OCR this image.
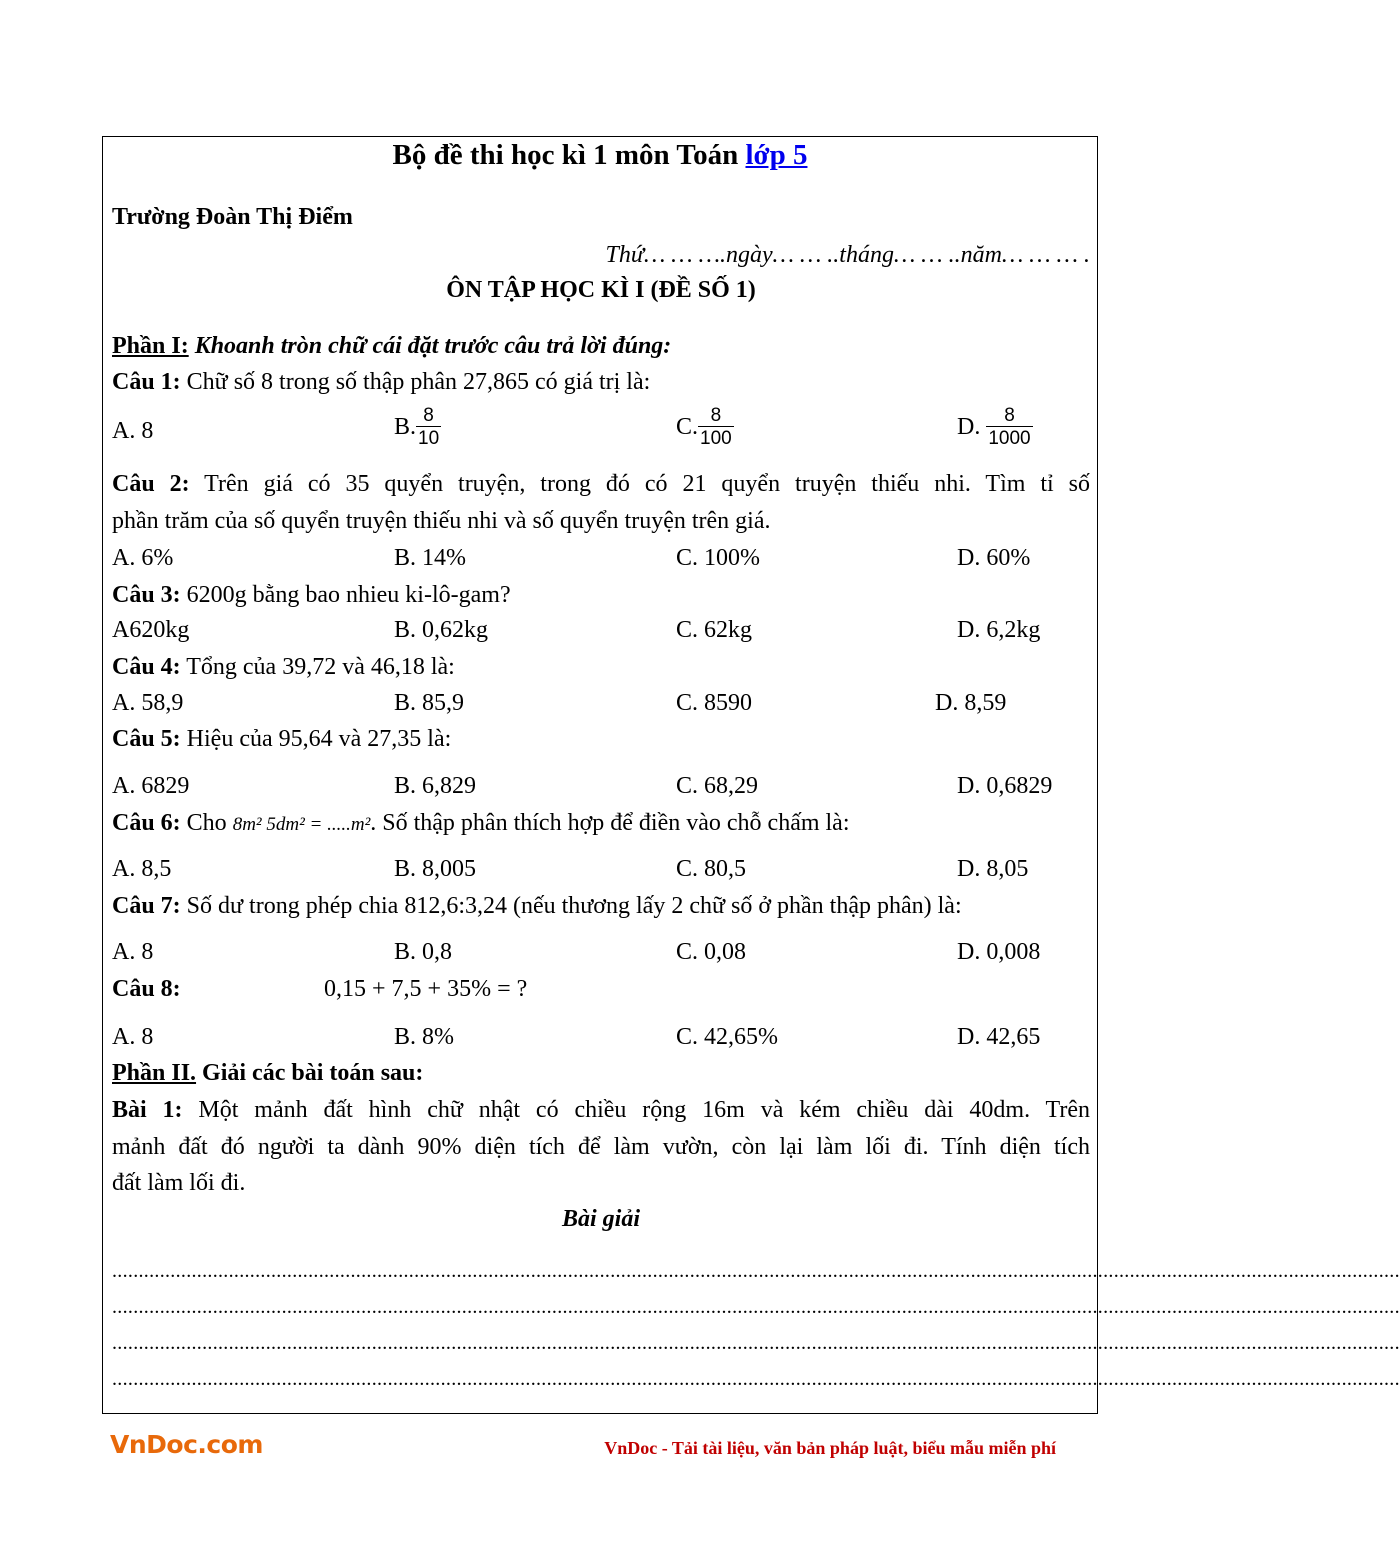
Bộ đề thi học kì 1 môn Toán lớp 5
Trường Đoàn Thị Điểm
Thứ… … ….ngày… … ..tháng… … ..năm… … … .
ÔN TẬP HỌC KÌ I (ĐỀ SỐ 1)
Phần I: Khoanh tròn chữ cái đặt trước câu trả lời đúng:
Câu 1: Chữ số 8 trong số thập phân 27,865 có giá trị là:
A. 8	B. $\frac{8}{10}$	C. $\frac{8}{100}$	D. $\frac{8}{1000}$
Câu 2: Trên giá có 35 quyển truyện, trong đó có 21 quyển truyện thiếu nhi. Tìm tỉ số
phần trăm của số quyển truyện thiếu nhi và số quyển truyện trên giá.
A. 6%	B. 14%	C. 100%	D. 60%
Câu 3: 6200g bằng bao nhieu ki-lô-gam?
A620kg	B. 0,62kg	C. 62kg	D. 6,2kg
Câu 4: Tổng của 39,72 và 46,18 là:
A. 58,9	B. 85,9	C. 8590	D. 8,59
Câu 5: Hiệu của 95,64 và 27,35 là:
A. 6829	B. 6,829	C. 68,29	D. 0,6829
Câu 6: Cho 8m² 5dm² = .....m². Số thập phân thích hợp để điền vào chỗ chấm là:
A. 8,5	B. 8,005	C. 80,5	D. 8,05
Câu 7: Số dư trong phép chia 812,6:3,24 (nếu thương lấy 2 chữ số ở phần thập phân) là:
A. 8	B. 0,8	C. 0,08	D. 0,008
Câu 8:	0,15 + 7,5 + 35% = ?
A. 8	B. 8%	C. 42,65%	D. 42,65
Phần II. Giải các bài toán sau:
Bài 1: Một mảnh đất hình chữ nhật có chiều rộng 16m và kém chiều dài 40dm. Trên
mảnh đất đó người ta dành 90% diện tích để làm vườn, còn lại làm lối đi. Tính diện tích
đất làm lối đi.
Bài giải
...................................................................................................................................................................................................................................................
...................................................................................................................................................................................................................................................
...................................................................................................................................................................................................................................................
...................................................................................................................................................................................................................................................
VnDoc.com	VnDoc - Tải tài liệu, văn bản pháp luật, biểu mẫu miễn phí
